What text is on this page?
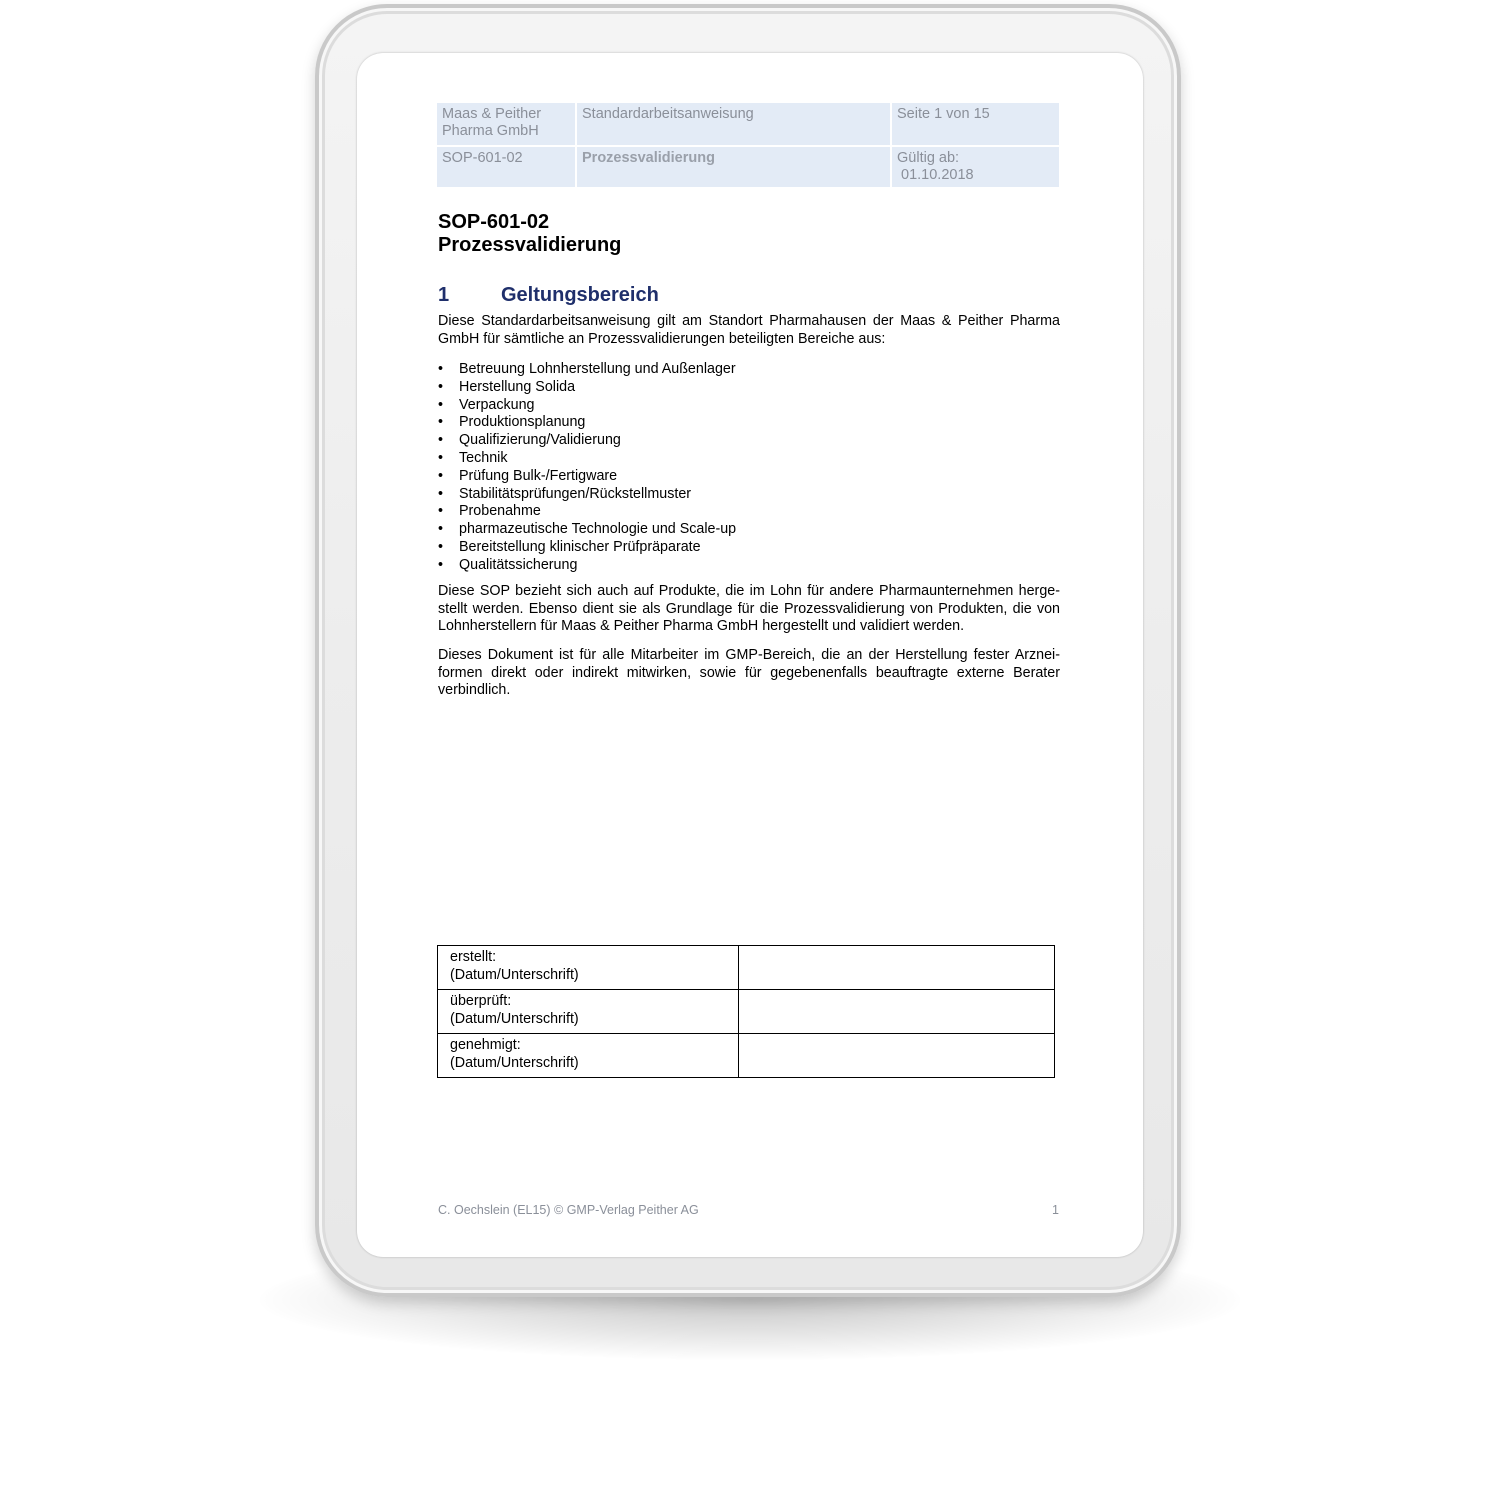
Maas & Peither Pharma GmbH	Standardarbeitsanweisung	Seite 1 von 15
SOP-601-02	Prozessvalidierung	Gültig ab:
01.10.2018
SOP-601-02
Prozessvalidierung
1	Geltungsbereich

Diese Standardarbeitsanweisung gilt am Standort Pharmahausen der Maas & Peither Pharma GmbH für sämtliche an Prozessvalidierungen beteiligten Bereiche aus:

• Betreuung Lohnherstellung und Außenlager
• Herstellung Solida
• Verpackung
• Produktionsplanung
• Qualifizierung/Validierung
• Technik
• Prüfung Bulk-/Fertigware
• Stabilitätsprüfungen/Rückstellmuster
• Probenahme
• pharmazeutische Technologie und Scale-up
• Bereitstellung klinischer Prüfpräparate
• Qualitätssicherung

Diese SOP bezieht sich auch auf Produkte, die im Lohn für andere Pharmaunternehmen hergestellt werden. Ebenso dient sie als Grundlage für die Prozessvalidierung von Produkten, die von Lohnherstellern für Maas & Peither Pharma GmbH hergestellt und validiert werden.

Dieses Dokument ist für alle Mitarbeiter im GMP-Bereich, die an der Herstellung fester Arzneiformen direkt oder indirekt mitwirken, sowie für gegebenenfalls beauftragte externe Berater verbindlich.

erstellt:
(Datum/Unterschrift)	

überprüft:
(Datum/Unterschrift)	

genehmigt:
(Datum/Unterschrift)	

C. Oechslein (EL15) © GMP-Verlag Peither AG	1
